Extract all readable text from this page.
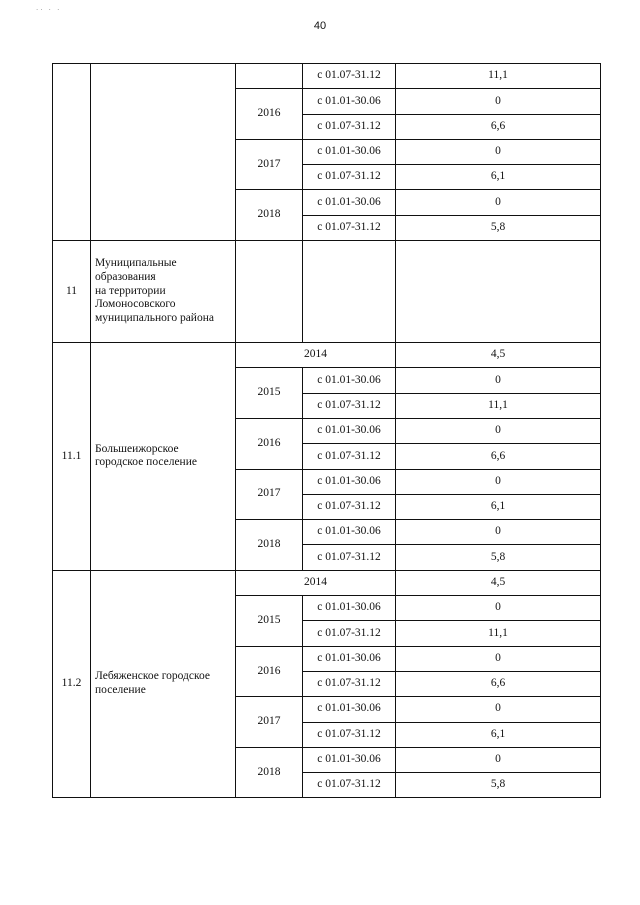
·· · ·
40
			с 01.07-31.12	11,1
		2016	с 01.01-30.06	0
			с 01.07-31.12	6,6
		2017	с 01.01-30.06	0
			с 01.07-31.12	6,1
		2018	с 01.01-30.06	0
			с 01.07-31.12	5,8
11	Муниципальные
образования
на территории
Ломоносовского
муниципального района			
11.1	Большеижорское
городское поселение	2014		4,5
		2015	с 01.01-30.06	0
			с 01.07-31.12	11,1
		2016	с 01.01-30.06	0
			с 01.07-31.12	6,6
		2017	с 01.01-30.06	0
			с 01.07-31.12	6,1
		2018	с 01.01-30.06	0
			с 01.07-31.12	5,8
11.2	Лебяженское городское
поселение	2014		4,5
		2015	с 01.01-30.06	0
			с 01.07-31.12	11,1
		2016	с 01.01-30.06	0
			с 01.07-31.12	6,6
		2017	с 01.01-30.06	0
			с 01.07-31.12	6,1
		2018	с 01.01-30.06	0
			с 01.07-31.12	5,8
